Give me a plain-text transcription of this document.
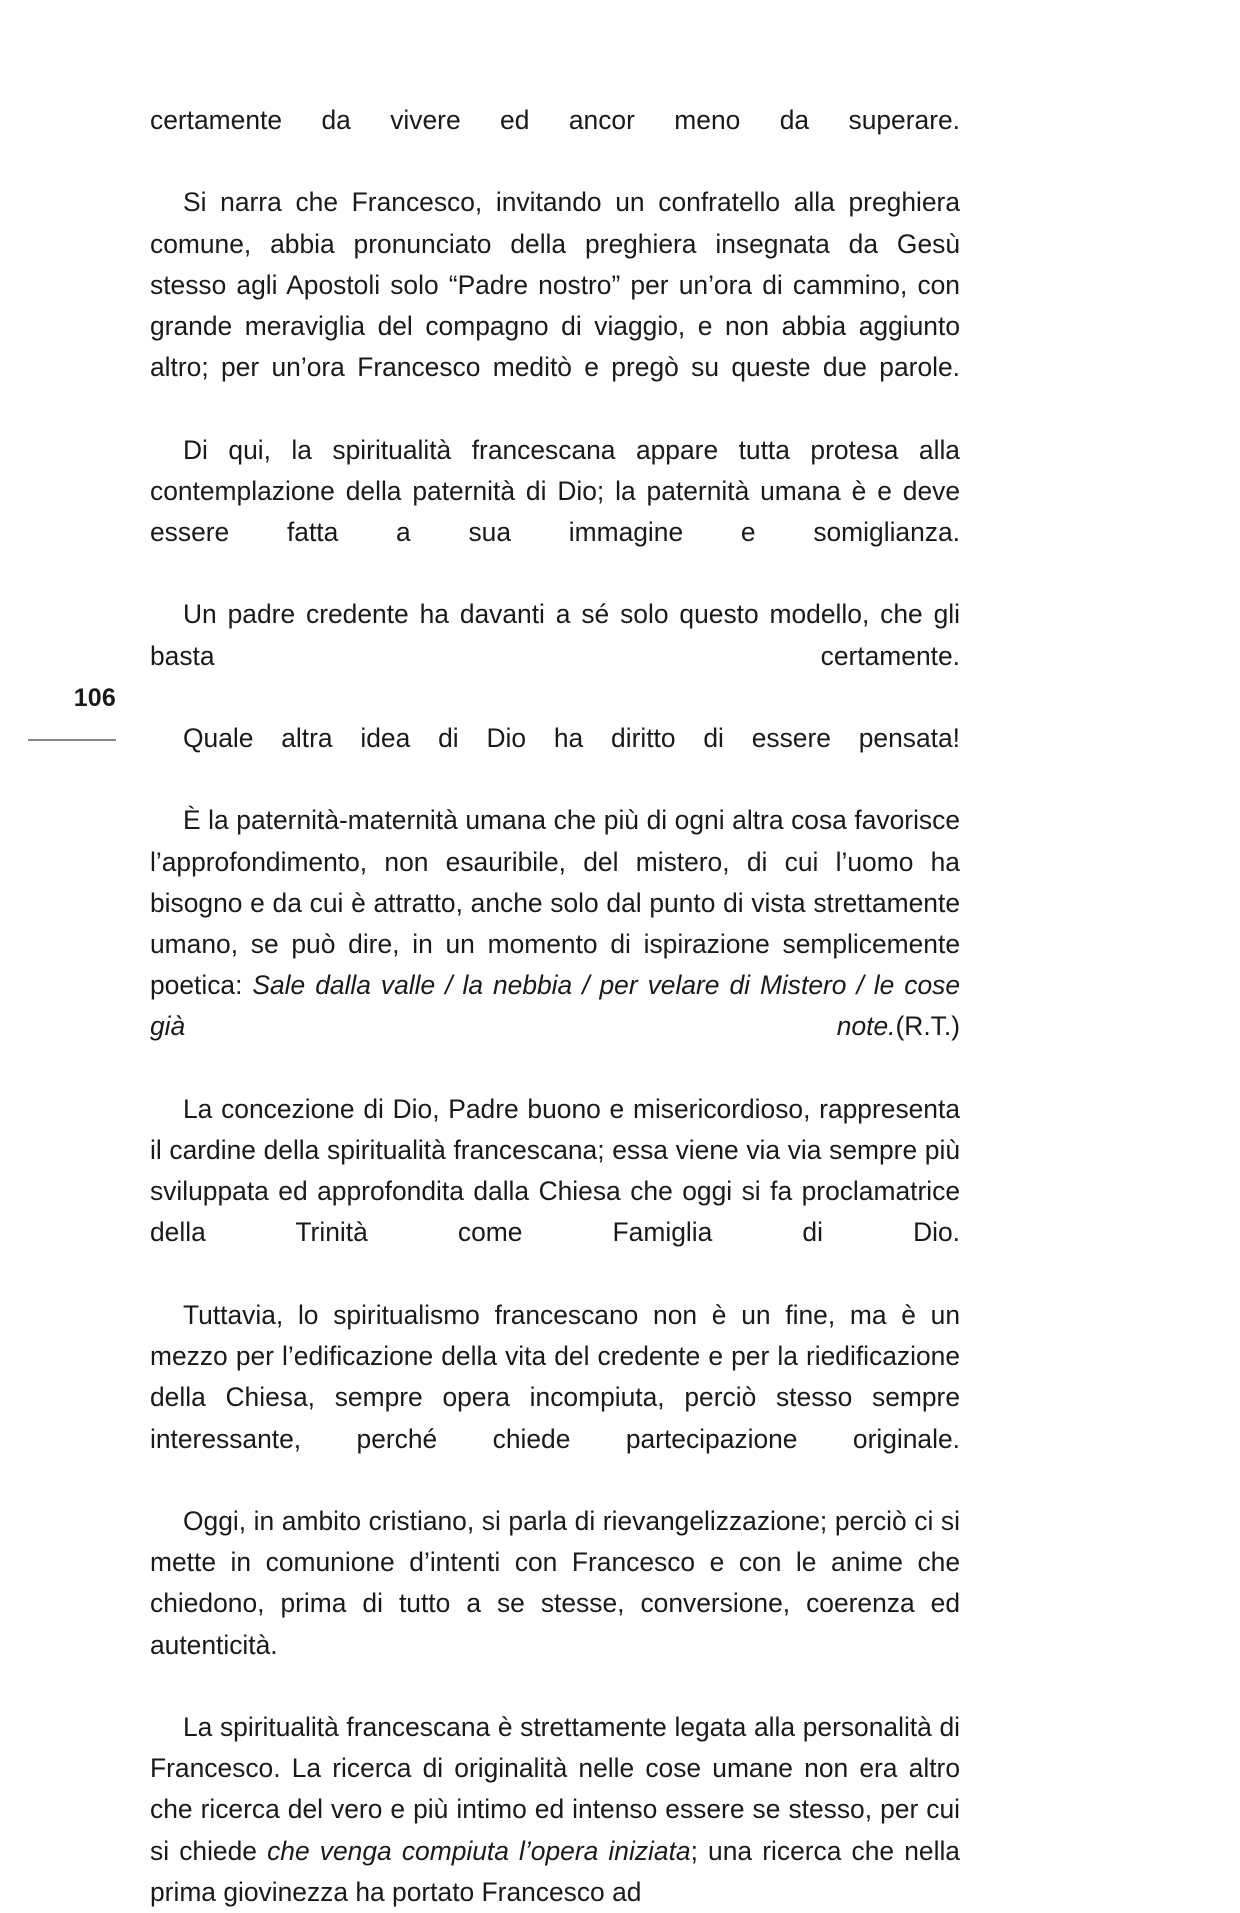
106

certamente da vivere ed ancor meno da superare.

Si narra che Francesco, invitando un confratello alla preghiera comune, abbia pronunciato della preghiera insegnata da Gesù stesso agli Apostoli solo “Padre nostro” per un’ora di cammino, con grande meraviglia del compagno di viaggio, e non abbia aggiunto altro; per un’ora Francesco meditò e pregò su queste due parole.

Di qui, la spiritualità francescana appare tutta protesa alla contemplazione della paternità di Dio; la paternità umana è e deve essere fatta a sua immagine e somiglianza.

Un padre credente ha davanti a sé solo questo modello, che gli basta certamente.

Quale altra idea di Dio ha diritto di essere pensata!

È la paternità-maternità umana che più di ogni altra cosa favorisce l’approfondimento, non esauribile, del mistero, di cui l’uomo ha bisogno e da cui è attratto, anche solo dal punto di vista strettamente umano, se può dire, in un momento di ispirazione semplicemente poetica: Sale dalla valle / la nebbia / per velare di Mistero / le cose già note.(R.T.)

La concezione di Dio, Padre buono e misericordioso, rappresenta il cardine della spiritualità francescana; essa viene via via sempre più sviluppata ed approfondita dalla Chiesa che oggi si fa proclamatrice della Trinità come Famiglia di Dio.

Tuttavia, lo spiritualismo francescano non è un fine, ma è un mezzo per l’edificazione della vita del credente e per la riedificazione della Chiesa, sempre opera incompiuta, perciò stesso sempre interessante, perché chiede partecipazione originale.

Oggi, in ambito cristiano, si parla di rievangelizzazione; perciò ci si mette in comunione d’intenti con Francesco e con le anime che chiedono, prima di tutto a se stesse, conversione, coerenza ed autenticità.

La spiritualità francescana è strettamente legata alla personalità di Francesco. La ricerca di originalità nelle cose umane non era altro che ricerca del vero e più intimo ed intenso essere se stesso, per cui si chiede che venga compiuta l’opera iniziata; una ricerca che nella prima giovinezza ha portato Francesco ad
